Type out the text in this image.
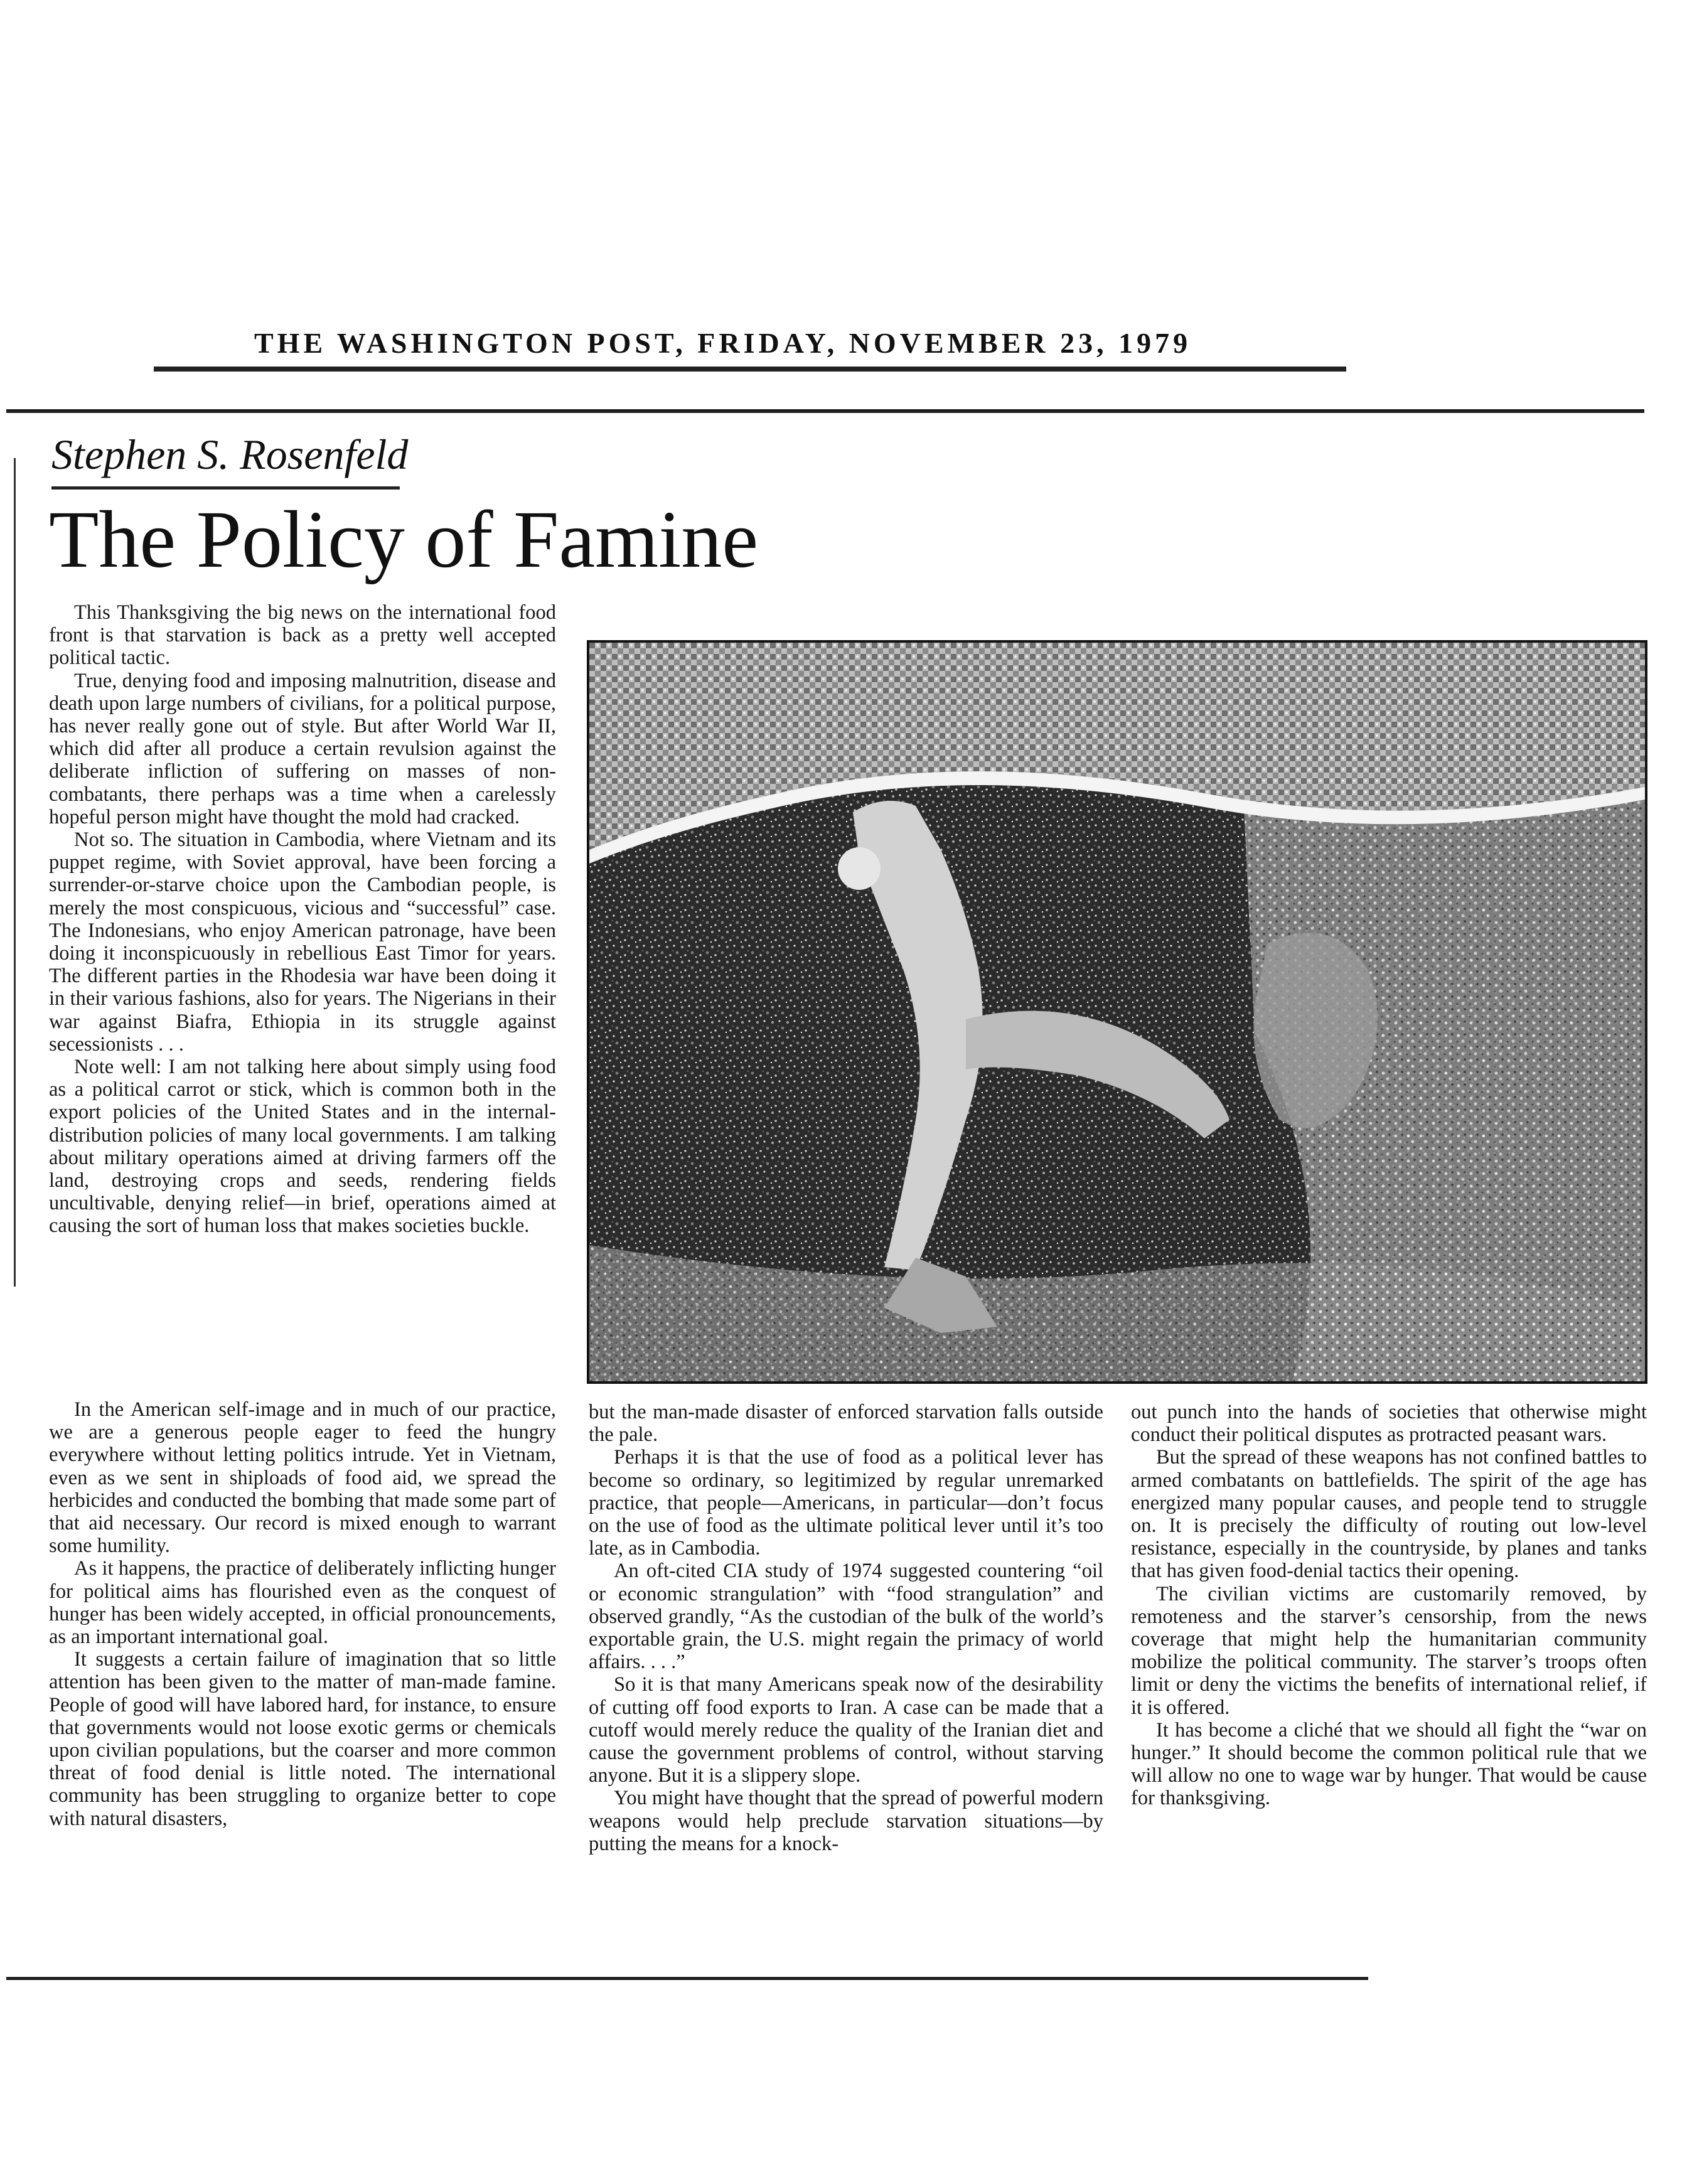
THE WASHINGTON POST, FRIDAY, NOVEMBER 23, 1979
Stephen S. Rosenfeld
The Policy of Famine

This Thanksgiving the big news on the international food front is that starvation is back as a pretty well accepted political tactic.

True, denying food and imposing malnutrition, disease and death upon large numbers of civilians, for a political purpose, has never really gone out of style. But after World War II, which did after all produce a certain revulsion against the deliberate infliction of suffering on masses of non-combatants, there perhaps was a time when a carelessly hopeful person might have thought the mold had cracked.

Not so. The situation in Cambodia, where Vietnam and its puppet regime, with Soviet approval, have been forcing a surrender-or-starve choice upon the Cambodian people, is merely the most conspicuous, vicious and “successful” case. The Indonesians, who enjoy American patronage, have been doing it inconspicuously in rebellious East Timor for years. The different parties in the Rhodesia war have been doing it in their various fashions, also for years. The Nigerians in their war against Biafra, Ethiopia in its struggle against secessionists . . .

Note well: I am not talking here about simply using food as a political carrot or stick, which is common both in the export policies of the United States and in the internal-distribution policies of many local governments. I am talking about military operations aimed at driving farmers off the land, destroying crops and seeds, rendering fields uncultivable, denying relief—in brief, operations aimed at causing the sort of human loss that makes societies buckle.

In the American self-image and in much of our practice, we are a generous people eager to feed the hungry everywhere without letting politics intrude. Yet in Vietnam, even as we sent in shiploads of food aid, we spread the herbicides and conducted the bombing that made some part of that aid necessary. Our record is mixed enough to warrant some humility.

As it happens, the practice of deliberately inflicting hunger for political aims has flourished even as the conquest of hunger has been widely accepted, in official pronouncements, as an important international goal.

It suggests a certain failure of imagination that so little attention has been given to the matter of man-made famine. People of good will have labored hard, for instance, to ensure that governments would not loose exotic germs or chemicals upon civilian populations, but the coarser and more common threat of food denial is little noted. The international community has been struggling to organize better to cope with natural disasters,

but the man-made disaster of enforced starvation falls outside the pale.

Perhaps it is that the use of food as a political lever has become so ordinary, so legitimized by regular unremarked practice, that people—Americans, in particular—don’t focus on the use of food as the ultimate political lever until it’s too late, as in Cambodia.

An oft-cited CIA study of 1974 suggested countering “oil or economic strangulation” with “food strangulation” and observed grandly, “As the custodian of the bulk of the world’s exportable grain, the U.S. might regain the primacy of world affairs. . . .”

So it is that many Americans speak now of the desirability of cutting off food exports to Iran. A case can be made that a cutoff would merely reduce the quality of the Iranian diet and cause the government problems of control, without starving anyone. But it is a slippery slope.

You might have thought that the spread of powerful modern weapons would help preclude starvation situations—by putting the means for a knock-

out punch into the hands of societies that otherwise might conduct their political disputes as protracted peasant wars.

But the spread of these weapons has not confined battles to armed combatants on battlefields. The spirit of the age has energized many popular causes, and people tend to struggle on. It is precisely the difficulty of routing out low-level resistance, especially in the countryside, by planes and tanks that has given food-denial tactics their opening.

The civilian victims are customarily removed, by remoteness and the starver’s censorship, from the news coverage that might help the humanitarian community mobilize the political community. The starver’s troops often limit or deny the victims the benefits of international relief, if it is offered.

It has become a cliché that we should all fight the “war on hunger.” It should become the common political rule that we will allow no one to wage war by hunger. That would be cause for thanksgiving.
